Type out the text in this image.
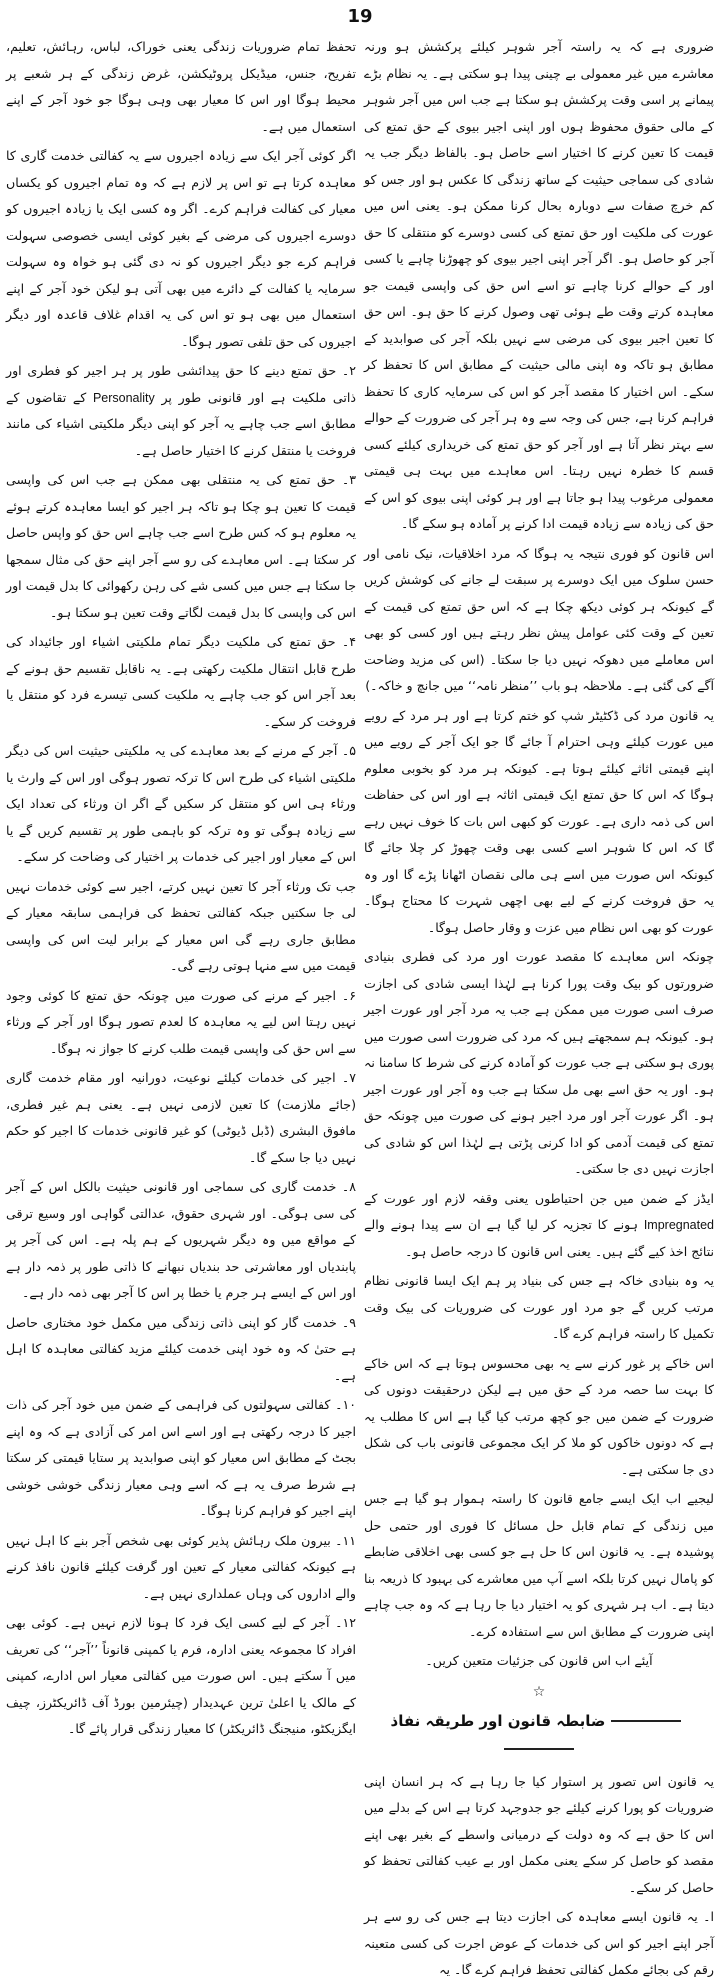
19

تحفظ تمام ضروریات زندگی یعنی خوراک، لباس، رہائش، تعلیم، تفریح، جنس، میڈیکل پروٹیکشن، غرض زندگی کے ہر شعبے پر محیط ہوگا اور اس کا معیار بھی وہی ہوگا جو خود آجر کے اپنے استعمال میں ہے۔

اگر کوئی آجر ایک سے زیادہ اجیروں سے یہ کفالتی خدمت گاری کا معاہدہ کرتا ہے تو اس پر لازم ہے کہ وہ تمام اجیروں کو یکساں معیار کی کفالت فراہم کرے۔ اگر وہ کسی ایک یا زیادہ اجیروں کو دوسرے اجیروں کی مرضی کے بغیر کوئی ایسی خصوصی سہولت فراہم کرے جو دیگر اجیروں کو نہ دی گئی ہو خواہ وہ سہولت سرمایہ یا کفالت کے دائرے میں بھی آتی ہو لیکن خود آجر کے اپنے استعمال میں بھی ہو تو اس کی یہ اقدام غلاف قاعدہ اور دیگر اجیروں کی حق تلفی تصور ہوگا۔

۲۔ حق تمتع دینے کا حق پیدائشی طور پر ہر اجیر کو فطری اور ذاتی ملکیت ہے اور قانونی طور پر Personality کے تقاضوں کے مطابق اسے جب چاہے یہ آجر کو اپنی دیگر ملکیتی اشیاء کی مانند فروخت یا منتقل کرنے کا اختیار حاصل ہے۔

۳۔ حق تمتع کی یہ منتقلی بھی ممکن ہے جب اس کی واپسی قیمت کا تعین ہو چکا ہو تاکہ ہر اجیر کو ایسا معاہدہ کرتے ہوئے یہ معلوم ہو کہ کس طرح اسے جب چاہے اس حق کو واپس حاصل کر سکتا ہے۔ اس معاہدے کی رو سے آجر اپنے حق کی مثال سمجھا جا سکتا ہے جس میں کسی شے کی رہن رکھوائی کا بدل قیمت اور اس کی واپسی کا بدل قیمت لگاتے وقت تعین ہو سکتا ہو۔

۴۔ حق تمتع کی ملکیت دیگر تمام ملکیتی اشیاء اور جائیداد کی طرح قابل انتقال ملکیت رکھتی ہے۔ یہ ناقابل تقسیم حق ہونے کے بعد آجر اس کو جب چاہے یہ ملکیت کسی تیسرے فرد کو منتقل یا فروخت کر سکے۔

۵۔ آجر کے مرنے کے بعد معاہدے کی یہ ملکیتی حیثیت اس کی دیگر ملکیتی اشیاء کی طرح اس کا ترکہ تصور ہوگی اور اس کے وارث یا ورثاء ہی اس کو منتقل کر سکیں گے اگر ان ورثاء کی تعداد ایک سے زیادہ ہوگی تو وہ ترکہ کو باہمی طور پر تقسیم کریں گے یا اس کے معیار اور اجیر کی خدمات پر اختیار کی وضاحت کر سکے۔

جب تک ورثاء آجر کا تعین نہیں کرتے، اجیر سے کوئی خدمات نہیں لی جا سکتیں جبکہ کفالتی تحفظ کی فراہمی سابقہ معیار کے مطابق جاری رہے گی اس معیار کے برابر لیت اس کی واپسی قیمت میں سے منہا ہوتی رہے گی۔

۶۔ اجیر کے مرنے کی صورت میں چونکہ حق تمتع کا کوئی وجود نہیں رہتا اس لیے یہ معاہدہ کا لعدم تصور ہوگا اور آجر کے ورثاء سے اس حق کی واپسی قیمت طلب کرنے کا جواز نہ ہوگا۔

۷۔ اجیر کی خدمات کیلئے نوعیت، دورانیہ اور مقام خدمت گاری (جائے ملازمت) کا تعین لازمی نہیں ہے۔ یعنی ہم غیر فطری، مافوق البشری (ڈبل ڈیوٹی) کو غیر قانونی خدمات کا اجیر کو حکم نہیں دیا جا سکے گا۔

۸۔ خدمت گاری کی سماجی اور قانونی حیثیت بالکل اس کے آجر کی سی ہوگی۔ اور شہری حقوق، عدالتی گواہی اور وسیع ترقی کے مواقع میں وہ دیگر شہریوں کے ہم پلہ ہے۔ اس کی آجر پر پابندیاں اور معاشرتی حد بندیاں نبھانے کا ذاتی طور پر ذمہ دار ہے اور اس کے ایسے ہر جرم یا خطا پر اس کا آجر بھی ذمہ دار ہے۔

۹۔ خدمت گار کو اپنی ذاتی زندگی میں مکمل خود مختاری حاصل ہے حتیٰ کہ وہ خود اپنی خدمت کیلئے مزید کفالتی معاہدہ کا اہل ہے۔

۱۰۔ کفالتی سہولتوں کی فراہمی کے ضمن میں خود آجر کی ذات اجیر کا درجہ رکھتی ہے اور اسے اس امر کی آزادی ہے کہ وہ اپنے بجٹ کے مطابق اس معیار کو اپنی صوابدید پر ستایا قیمتی کر سکتا ہے شرط صرف یہ ہے کہ اسے وہی معیار زندگی خوشی خوشی اپنے اجیر کو فراہم کرنا ہوگا۔

۱۱۔ بیرون ملک رہائش پذیر کوئی بھی شخص آجر بنے کا اہل نہیں ہے کیونکہ کفالتی معیار کے تعین اور گرفت کیلئے قانون نافذ کرنے والے اداروں کی وہاں عملداری نہیں ہے۔

۱۲۔ آجر کے لیے کسی ایک فرد کا ہونا لازم نہیں ہے۔ کوئی بھی افراد کا مجموعہ یعنی ادارہ، فرم یا کمپنی قانوناً ’’آجر‘‘ کی تعریف میں آ سکتے ہیں۔ اس صورت میں کفالتی معیار اس ادارے، کمپنی کے مالک یا اعلیٰ ترین عہدیدار (چیئرمین بورڈ آف ڈائریکٹرز، چیف ایگزیکٹو، منیجنگ ڈائریکٹر) کا معیار زندگی قرار پائے گا۔

ضروری ہے کہ یہ راستہ آجر شوہر کیلئے پرکشش ہو ورنہ معاشرے میں غیر معمولی بے چینی پیدا ہو سکتی ہے۔ یہ نظام بڑے پیمانے پر اسی وقت پرکشش ہو سکتا ہے جب اس میں آجر شوہر کے مالی حقوق محفوظ ہوں اور اپنی اجیر بیوی کے حق تمتع کی قیمت کا تعین کرنے کا اختیار اسے حاصل ہو۔ بالفاظ دیگر جب یہ شادی کی سماجی حیثیت کے ساتھ زندگی کا عکس ہو اور جس کو کم خرچ صفات سے دوبارہ بحال کرنا ممکن ہو۔ یعنی اس میں عورت کی ملکیت اور حق تمتع کی کسی دوسرے کو منتقلی کا حق آجر کو حاصل ہو۔ اگر آجر اپنی اجیر بیوی کو چھوڑنا چاہے یا کسی اور کے حوالے کرنا چاہے تو اسے اس حق کی واپسی قیمت جو معاہدہ کرتے وقت طے ہوئی تھی وصول کرنے کا حق ہو۔ اس حق کا تعین اجیر بیوی کی مرضی سے نہیں بلکہ آجر کی صوابدید کے مطابق ہو تاکہ وہ اپنی مالی حیثیت کے مطابق اس کا تحفظ کر سکے۔ اس اختیار کا مقصد آجر کو اس کی سرمایہ کاری کا تحفظ فراہم کرنا ہے، جس کی وجہ سے وہ ہر آجر کی ضرورت کے حوالے سے بہتر نظر آتا ہے اور آجر کو حق تمتع کی خریداری کیلئے کسی قسم کا خطرہ نہیں رہتا۔ اس معاہدے میں بہت ہی قیمتی معمولی مرغوب پیدا ہو جاتا ہے اور ہر کوئی اپنی بیوی کو اس کے حق کی زیادہ سے زیادہ قیمت ادا کرنے پر آمادہ ہو سکے گا۔

اس قانون کو فوری نتیجہ یہ ہوگا کہ مرد اخلاقیات، نیک نامی اور حسن سلوک میں ایک دوسرے پر سبقت لے جانے کی کوشش کریں گے کیونکہ ہر کوئی دیکھ چکا ہے کہ اس حق تمتع کی قیمت کے تعین کے وقت کئی عوامل پیش نظر رہتے ہیں اور کسی کو بھی اس معاملے میں دھوکہ نہیں دیا جا سکتا۔ (اس کی مزید وضاحت آگے کی گئی ہے۔ ملاحظہ ہو باب ’’منظر نامہ‘‘ میں جانچ و خاکہ۔)

یہ قانون مرد کی ڈکٹیٹر شپ کو ختم کرتا ہے اور ہر مرد کے رویے میں عورت کیلئے وہی احترام آ جائے گا جو ایک آجر کے رویے میں اپنے قیمتی اثاثے کیلئے ہوتا ہے۔ کیونکہ ہر مرد کو بخوبی معلوم ہوگا کہ اس کا حق تمتع ایک قیمتی اثاثہ ہے اور اس کی حفاظت اس کی ذمہ داری ہے۔ عورت کو کبھی اس بات کا خوف نہیں رہے گا کہ اس کا شوہر اسے کسی بھی وقت چھوڑ کر چلا جائے گا کیونکہ اس صورت میں اسے ہی مالی نقصان اٹھانا پڑے گا اور وہ یہ حق فروخت کرنے کے لیے بھی اچھی شہرت کا محتاج ہوگا۔ عورت کو بھی اس نظام میں عزت و وقار حاصل ہوگا۔

چونکہ اس معاہدے کا مقصد عورت اور مرد کی فطری بنیادی ضرورتوں کو بیک وقت پورا کرنا ہے لہٰذا ایسی شادی کی اجازت صرف اسی صورت میں ممکن ہے جب یہ مرد آجر اور عورت اجیر ہو۔ کیونکہ ہم سمجھتے ہیں کہ مرد کی ضرورت اسی صورت میں پوری ہو سکتی ہے جب عورت کو آمادہ کرنے کی شرط کا سامنا نہ ہو۔ اور یہ حق اسے بھی مل سکتا ہے جب وہ آجر اور عورت اجیر ہو۔ اگر عورت آجر اور مرد اجیر ہونے کی صورت میں چونکہ حق تمتع کی قیمت آدمی کو ادا کرنی پڑتی ہے لہٰذا اس کو شادی کی اجازت نہیں دی جا سکتی۔

ایڈز کے ضمن میں جن احتیاطوں یعنی وقفہ لازم اور عورت کے Impregnated ہونے کا تجزیہ کر لیا گیا ہے ان سے پیدا ہونے والے نتائج اخذ کیے گئے ہیں۔ یعنی اس قانون کا درجہ حاصل ہو۔

یہ وہ بنیادی خاکہ ہے جس کی بنیاد پر ہم ایک ایسا قانونی نظام مرتب کریں گے جو مرد اور عورت کی ضروریات کی بیک وقت تکمیل کا راستہ فراہم کرے گا۔

اس خاکے پر غور کرنے سے یہ بھی محسوس ہوتا ہے کہ اس خاکے کا بہت سا حصہ مرد کے حق میں ہے لیکن درحقیقت دونوں کی ضرورت کے ضمن میں جو کچھ مرتب کیا گیا ہے اس کا مطلب یہ ہے کہ دونوں خاکوں کو ملا کر ایک مجموعی قانونی باب کی شکل دی جا سکتی ہے۔

لیجیے اب ایک ایسے جامع قانون کا راستہ ہموار ہو گیا ہے جس میں زندگی کے تمام قابل حل مسائل کا فوری اور حتمی حل پوشیدہ ہے۔ یہ قانون اس کا حل ہے جو کسی بھی اخلاقی ضابطے کو پامال نہیں کرتا بلکہ اسے آپ میں معاشرے کی بہبود کا ذریعہ بنا دیتا ہے۔ اب ہر شہری کو یہ اختیار دیا جا رہا ہے کہ وہ جب چاہے اپنی ضرورت کے مطابق اس سے استفادہ کرے۔

آیئے اب اس قانون کی جزئیات متعین کریں۔

☆

ضابطہ قانون اور طریقہ نفاذ

یہ قانون اس تصور پر استوار کیا جا رہا ہے کہ ہر انسان اپنی ضروریات کو پورا کرنے کیلئے جو جدوجہد کرتا ہے اس کے بدلے میں اس کا حق ہے کہ وہ دولت کے درمیانی واسطے کے بغیر بھی اپنے مقصد کو حاصل کر سکے یعنی مکمل اور بے عیب کفالتی تحفظ کو حاصل کر سکے۔

ا۔ یہ قانون ایسے معاہدہ کی اجازت دیتا ہے جس کی رو سے ہر آجر اپنے اجیر کو اس کی خدمات کے عوض اجرت کی کسی متعینہ رقم کی بجائے مکمل کفالتی تحفظ فراہم کرے گا۔ یہ
